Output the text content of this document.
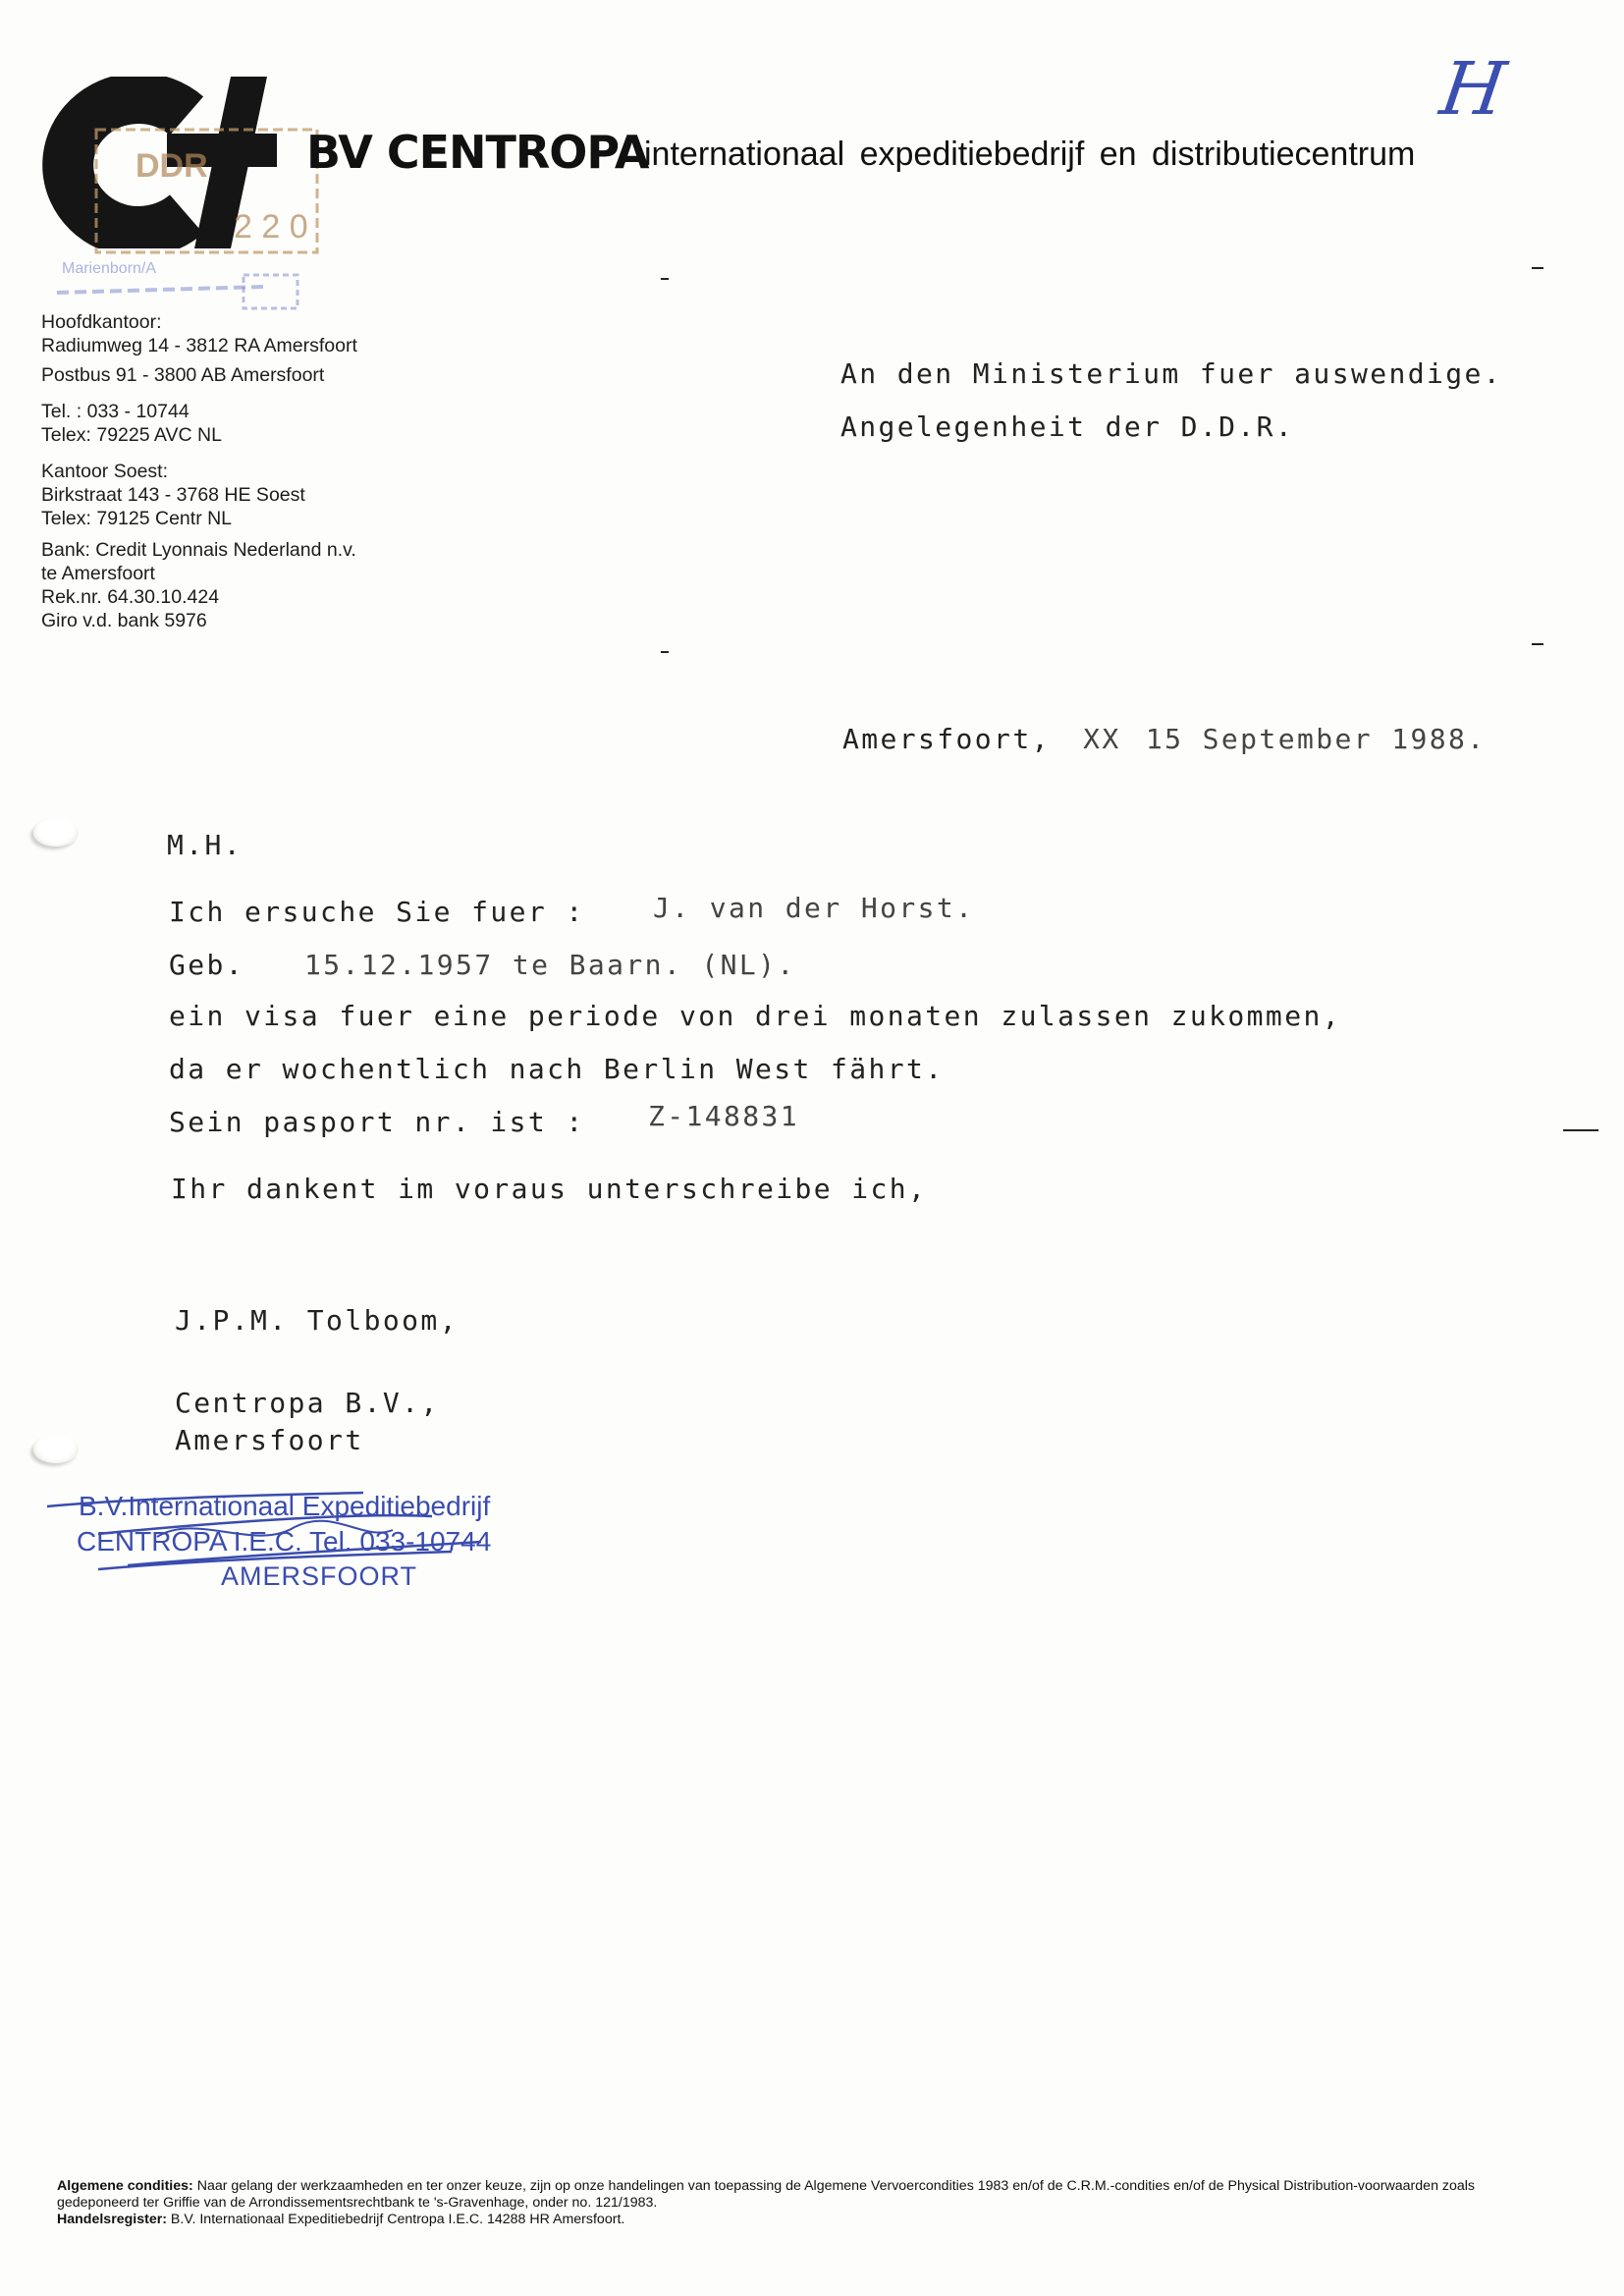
DDR
2 2 0
Marienborn/A
BV CENTROPA
internationaal expeditiebedrijf en distributiecentrum
H
Hoofdkantoor:
Radiumweg 14 - 3812 RA Amersfoort
Postbus 91 - 3800 AB Amersfoort
Tel. : 033 - 10744
Telex: 79225 AVC NL
Kantoor Soest:
Birkstraat 143 - 3768 HE Soest
Telex: 79125 Centr NL
Bank: Credit Lyonnais Nederland n.v.
te Amersfoort
Rek.nr. 64.30.10.424
Giro v.d. bank 5976
An den Ministerium fuer auswendige.
Angelegenheit der D.D.R.
Amersfoort, XX 15 September 1988.
M.H.
Ich ersuche Sie fuer : J. van der Horst.
Geb. 15.12.1957 te Baarn. (NL).
ein visa fuer eine periode von drei monaten zulassen zukommen,
da er wochentlich nach Berlin West fährt.
Sein pasport nr. ist : Z-148831
Ihr dankent im voraus unterschreibe ich,
J.P.M. Tolboom,
Centropa B.V.,
Amersfoort
B.V.Internationaal Expeditiebedrijf
CENTROPA I.E.C. Tel. 033-10744
AMERSFOORT
Algemene condities: Naar gelang der werkzaamheden en ter onzer keuze, zijn op onze handelingen van toepassing de Algemene Vervoercondities 1983 en/of de C.R.M.-condities en/of de Physical Distribution-voorwaarden zoals gedeponeerd ter Griffie van de Arrondissementsrechtbank te 's-Gravenhage, onder no. 121/1983.
Handelsregister: B.V. Internationaal Expeditiebedrijf Centropa I.E.C. 14288 HR Amersfoort.
